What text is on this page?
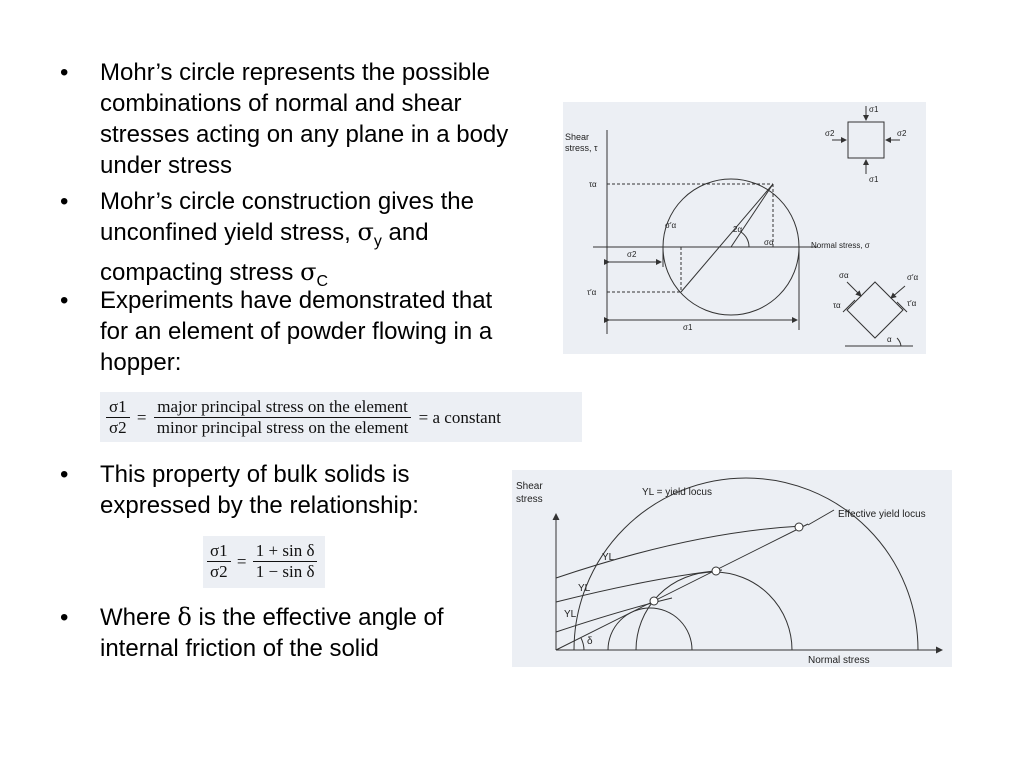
• Mohr’s circle represents the possible combinations of normal and shear stresses acting on any plane in a body under stress
• Mohr’s circle construction gives the unconfined yield stress, $\sigma_y$ and compacting stress $\sigma_C$
• Experiments have demonstrated that for an element of powder flowing in a hopper:
$\frac{\sigma 1}{\sigma 2} = \frac{\text{major principal stress on the element}}{\text{minor principal stress on the element}} = a$ constant
• This property of bulk solids is expressed by the relationship:
$\frac{\sigma 1}{\sigma 2} = \frac{\text{1 + sin δ}}{\text{1 − sin δ}}$
• Where δ is the effective angle of internal friction of the solid
Shear
stress, τ
Normal stress, σ
τα
τ′α
σα
σ′α	2α
σ2
σ1
σ1
σ1
σ2	σ2
σα	σ′α
τα	τ′α
α
Shear
stress
Normal stress
YL = yield locus
Effective yield locus
YL
YL
YL
δ
